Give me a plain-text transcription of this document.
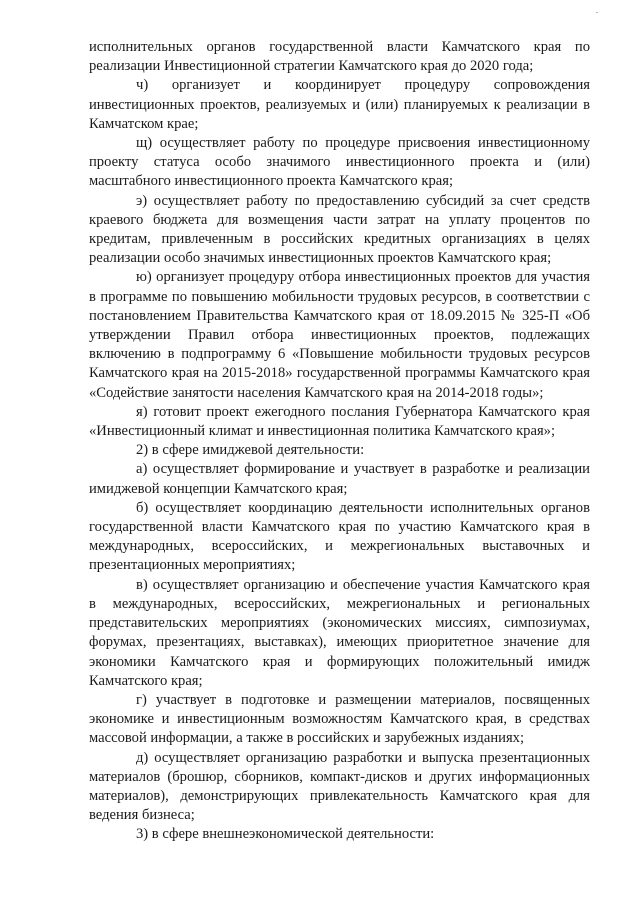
исполнительных органов государственной власти Камчатского края по реализации Инвестиционной стратегии Камчатского края до 2020 года;

ч) организует и координирует процедуру сопровождения инвестиционных проектов, реализуемых и (или) планируемых к реализации в Камчатском крае;

щ) осуществляет работу по процедуре присвоения инвестиционному проекту статуса особо значимого инвестиционного проекта и (или) масштабного инвестиционного проекта Камчатского края;

э) осуществляет работу по предоставлению субсидий за счет средств краевого бюджета для возмещения части затрат на уплату процентов по кредитам, привлеченным в российских кредитных организациях в целях реализации особо значимых инвестиционных проектов Камчатского края;

ю) организует процедуру отбора инвестиционных проектов для участия в программе по повышению мобильности трудовых ресурсов, в соответствии с постановлением Правительства Камчатского края от 18.09.2015 № 325-П «Об утверждении Правил отбора инвестиционных проектов, подлежащих включению в подпрограмму 6 «Повышение мобильности трудовых ресурсов Камчатского края на 2015-2018» государственной программы Камчатского края «Содействие занятости населения Камчатского края на 2014-2018 годы»;

я) готовит проект ежегодного послания Губернатора Камчатского края «Инвестиционный климат и инвестиционная политика Камчатского края»;

2) в сфере имиджевой деятельности:

а) осуществляет формирование и участвует в разработке и реализации имиджевой концепции Камчатского края;

б) осуществляет координацию деятельности исполнительных органов государственной власти Камчатского края по участию Камчатского края в международных, всероссийских, и межрегиональных выставочных и презентационных мероприятиях;

в) осуществляет организацию и обеспечение участия Камчатского края в международных, всероссийских, межрегиональных и региональных представительских мероприятиях (экономических миссиях, симпозиумах, форумах, презентациях, выставках), имеющих приоритетное значение для экономики Камчатского края и формирующих положительный имидж Камчатского края;

г) участвует в подготовке и размещении материалов, посвященных экономике и инвестиционным возможностям Камчатского края, в средствах массовой информации, а также в российских и зарубежных изданиях;

д) осуществляет организацию разработки и выпуска презентационных материалов (брошюр, сборников, компакт-дисков и других информационных материалов), демонстрирующих привлекательность Камчатского края для ведения бизнеса;

3) в сфере внешнеэкономической деятельности:
